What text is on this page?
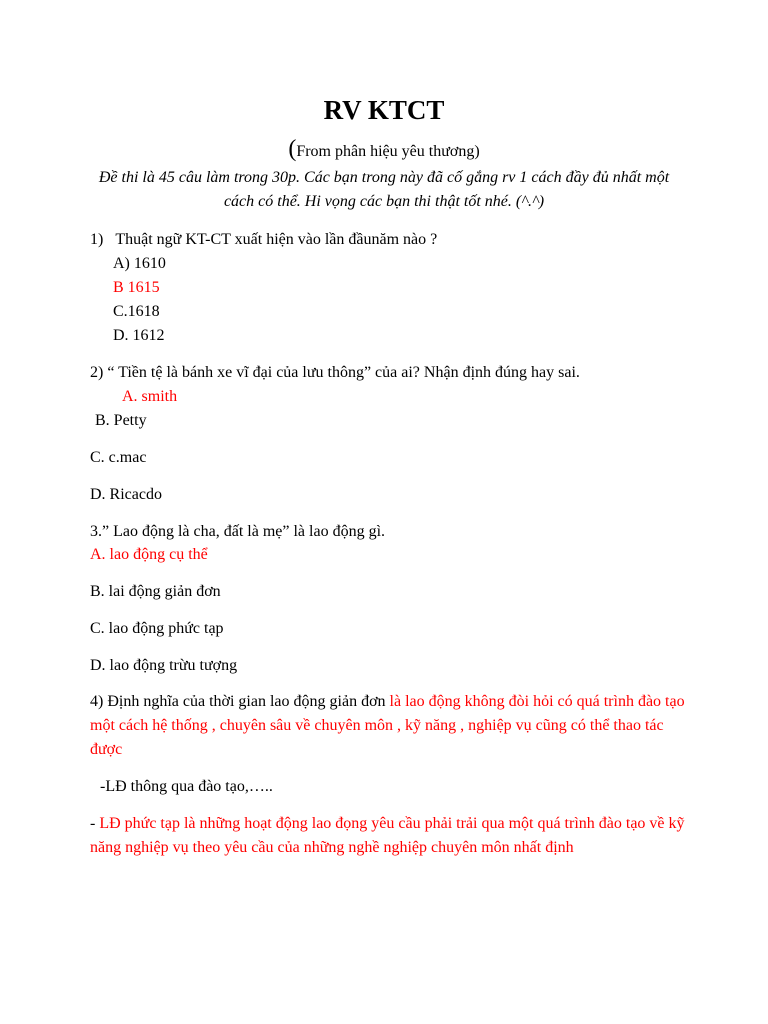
RV KTCT
(From phân hiệu yêu thương)
Đề thi là 45 câu làm trong 30p. Các bạn trong này đã cố gắng rv 1 cách đầy đủ nhất một cách có thể. Hi vọng các bạn thi thật tốt nhé. (^.^)
1) Thuật ngữ KT-CT xuất hiện vào lần đầunăm nào ?
A) 1610
B 1615
C.1618
D. 1612
2) “ Tiền tệ là bánh xe vĩ đại của lưu thông” của ai? Nhận định đúng hay sai.
A. smith
B. Petty
C. c.mac
D. Ricacdo
3.” Lao động là cha, đất là mẹ” là lao động gì.
A. lao động cụ thể
B. lai động giản đơn
C. lao động phức tạp
D. lao động trừu tượng
4) Định nghĩa của thời gian lao động giản đơn là lao động không đòi hỏi có quá trình đào tạo một cách hệ thống , chuyên sâu về chuyên môn , kỹ năng , nghiệp vụ cũng có thể thao tác được
-LĐ thông qua đào tạo,…..
- LĐ phức tạp là những hoạt động lao đọng yêu cầu phải trải qua một quá trình đào tạo về kỹ năng nghiệp vụ theo yêu cầu của những nghề nghiệp chuyên môn nhất định
